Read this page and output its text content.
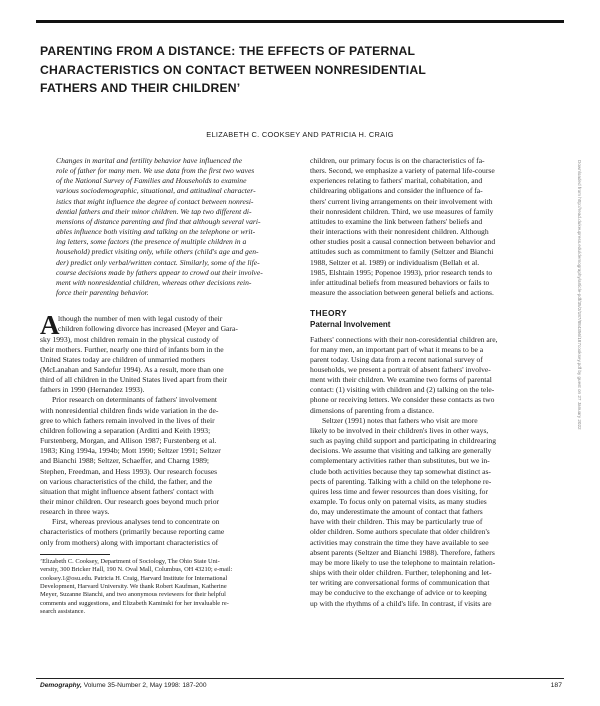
PARENTING FROM A DISTANCE: THE EFFECTS OF PATERNAL
CHARACTERISTICS ON CONTACT BETWEEN NONRESIDENTIAL
FATHERS AND THEIR CHILDRENʼ
ELIZABETH C. COOKSEY AND PATRICIA H. CRAIG
Changes in marital and fertility behavior have influenced the
role of father for many men. We use data from the first two waves
of the National Survey of Families and Households to examine
various sociodemographic, situational, and attitudinal character-
istics that might influence the degree of contact between nonresi-
dential fathers and their minor children. We tap two different di-
mensions of distance parenting and find that although several vari-
ables influence both visiting and talking on the telephone or writ-
ing letters, some factors (the presence of multiple children in a
household) predict visiting only, while others (child's age and gen-
der) predict only verbal/written contact. Similarly, some of the life-
course decisions made by fathers appear to crowd out their involve-
ment with nonresidential children, whereas other decisions rein-
force their parenting behavior.
A
lthough the number of men with legal custody of their
children following divorce has increased (Meyer and Gara-
sky 1993), most children remain in the physical custody of
their mothers. Further, nearly one third of infants born in the
United States today are children of unmarried mothers
(McLanahan and Sandefur 1994). As a result, more than one
third of all children in the United States lived apart from their
fathers in 1990 (Hernandez 1993).
Prior research on determinants of fathers' involvement
with nonresidential children finds wide variation in the de-
gree to which fathers remain involved in the lives of their
children following a separation (Arditti and Keith 1993;
Furstenberg, Morgan, and Allison 1987; Furstenberg et al.
1983; King 1994a, 1994b; Mott 1990; Seltzer 1991; Seltzer
and Bianchi 1988; Seltzer, Schaeffer, and Charng 1989;
Stephen, Freedman, and Hess 1993). Our research focuses
on various characteristics of the child, the father, and the
situation that might influence absent fathers' contact with
their minor children. Our research goes beyond much prior
research in three ways.
First, whereas previous analyses tend to concentrate on
characteristics of mothers (primarily because reporting came
only from mothers) along with important characteristics of
ʼElizabeth C. Cooksey, Department of Sociology, The Ohio State Uni-
versity, 300 Bricker Hall, 190 N. Oval Mall, Columbus, OH 43210; e-mail:
cooksey.1@osu.edu. Patricia H. Craig, Harvard Institute for International
Development, Harvard University. We thank Robert Kaufman, Katherine
Meyer, Suzanne Bianchi, and two anonymous reviewers for their helpful
comments and suggestions, and Elizabeth Kaminski for her invaluable re-
search assistance.
children, our primary focus is on the characteristics of fa-
thers. Second, we emphasize a variety of paternal life-course
experiences relating to fathers' marital, cohabitation, and
childrearing obligations and consider the influence of fa-
thers' current living arrangements on their involvement with
their nonresident children. Third, we use measures of family
attitudes to examine the link between fathers' beliefs and
their interactions with their nonresident children. Although
other studies posit a causal connection between behavior and
attitudes such as commitment to family (Seltzer and Bianchi
1988, Seltzer et al. 1989) or individualism (Bellah et al.
1985, Elshtain 1995; Popenoe 1993), prior research tends to
infer attitudinal beliefs from measured behaviors or fails to
measure the association between general beliefs and actions.
THEORY
Paternal Involvement
Fathers' connections with their non-coresidential children are,
for many men, an important part of what it means to be a
parent today. Using data from a recent national survey of
households, we present a portrait of absent fathers' involve-
ment with their children. We examine two forms of parental
contact: (1) visiting with children and (2) talking on the tele-
phone or receiving letters. We consider these contacts as two
dimensions of parenting from a distance.
Seltzer (1991) notes that fathers who visit are more
likely to be involved in their children's lives in other ways,
such as paying child support and participating in childrearing
decisions. We assume that visiting and talking are generally
complementary activities rather than substitutes, but we in-
clude both activities because they tap somewhat distinct as-
pects of parenting. Talking with a child on the telephone re-
quires less time and fewer resources than does visiting, for
example. To focus only on paternal visits, as many studies
do, may underestimate the amount of contact that fathers
have with their children. This may be particularly true of
older children. Some authors speculate that older children's
activities may constrain the time they have available to see
absent parents (Seltzer and Bianchi 1988). Therefore, fathers
may be more likely to use the telephone to maintain relation-
ships with their older children. Further, telephoning and let-
ter writing are conversational forms of communication that
may be conducive to the exchange of advice or to keeping
up with the rhythms of a child's life. In contrast, if visits are
Downloaded from http://read.dukeupress.edu/demography/article-pdf/35/2/187/884356/187cooksey.pdf by guest on 27 January 2022
Demography, Volume 35-Number 2, May 1998: 187-200	187
